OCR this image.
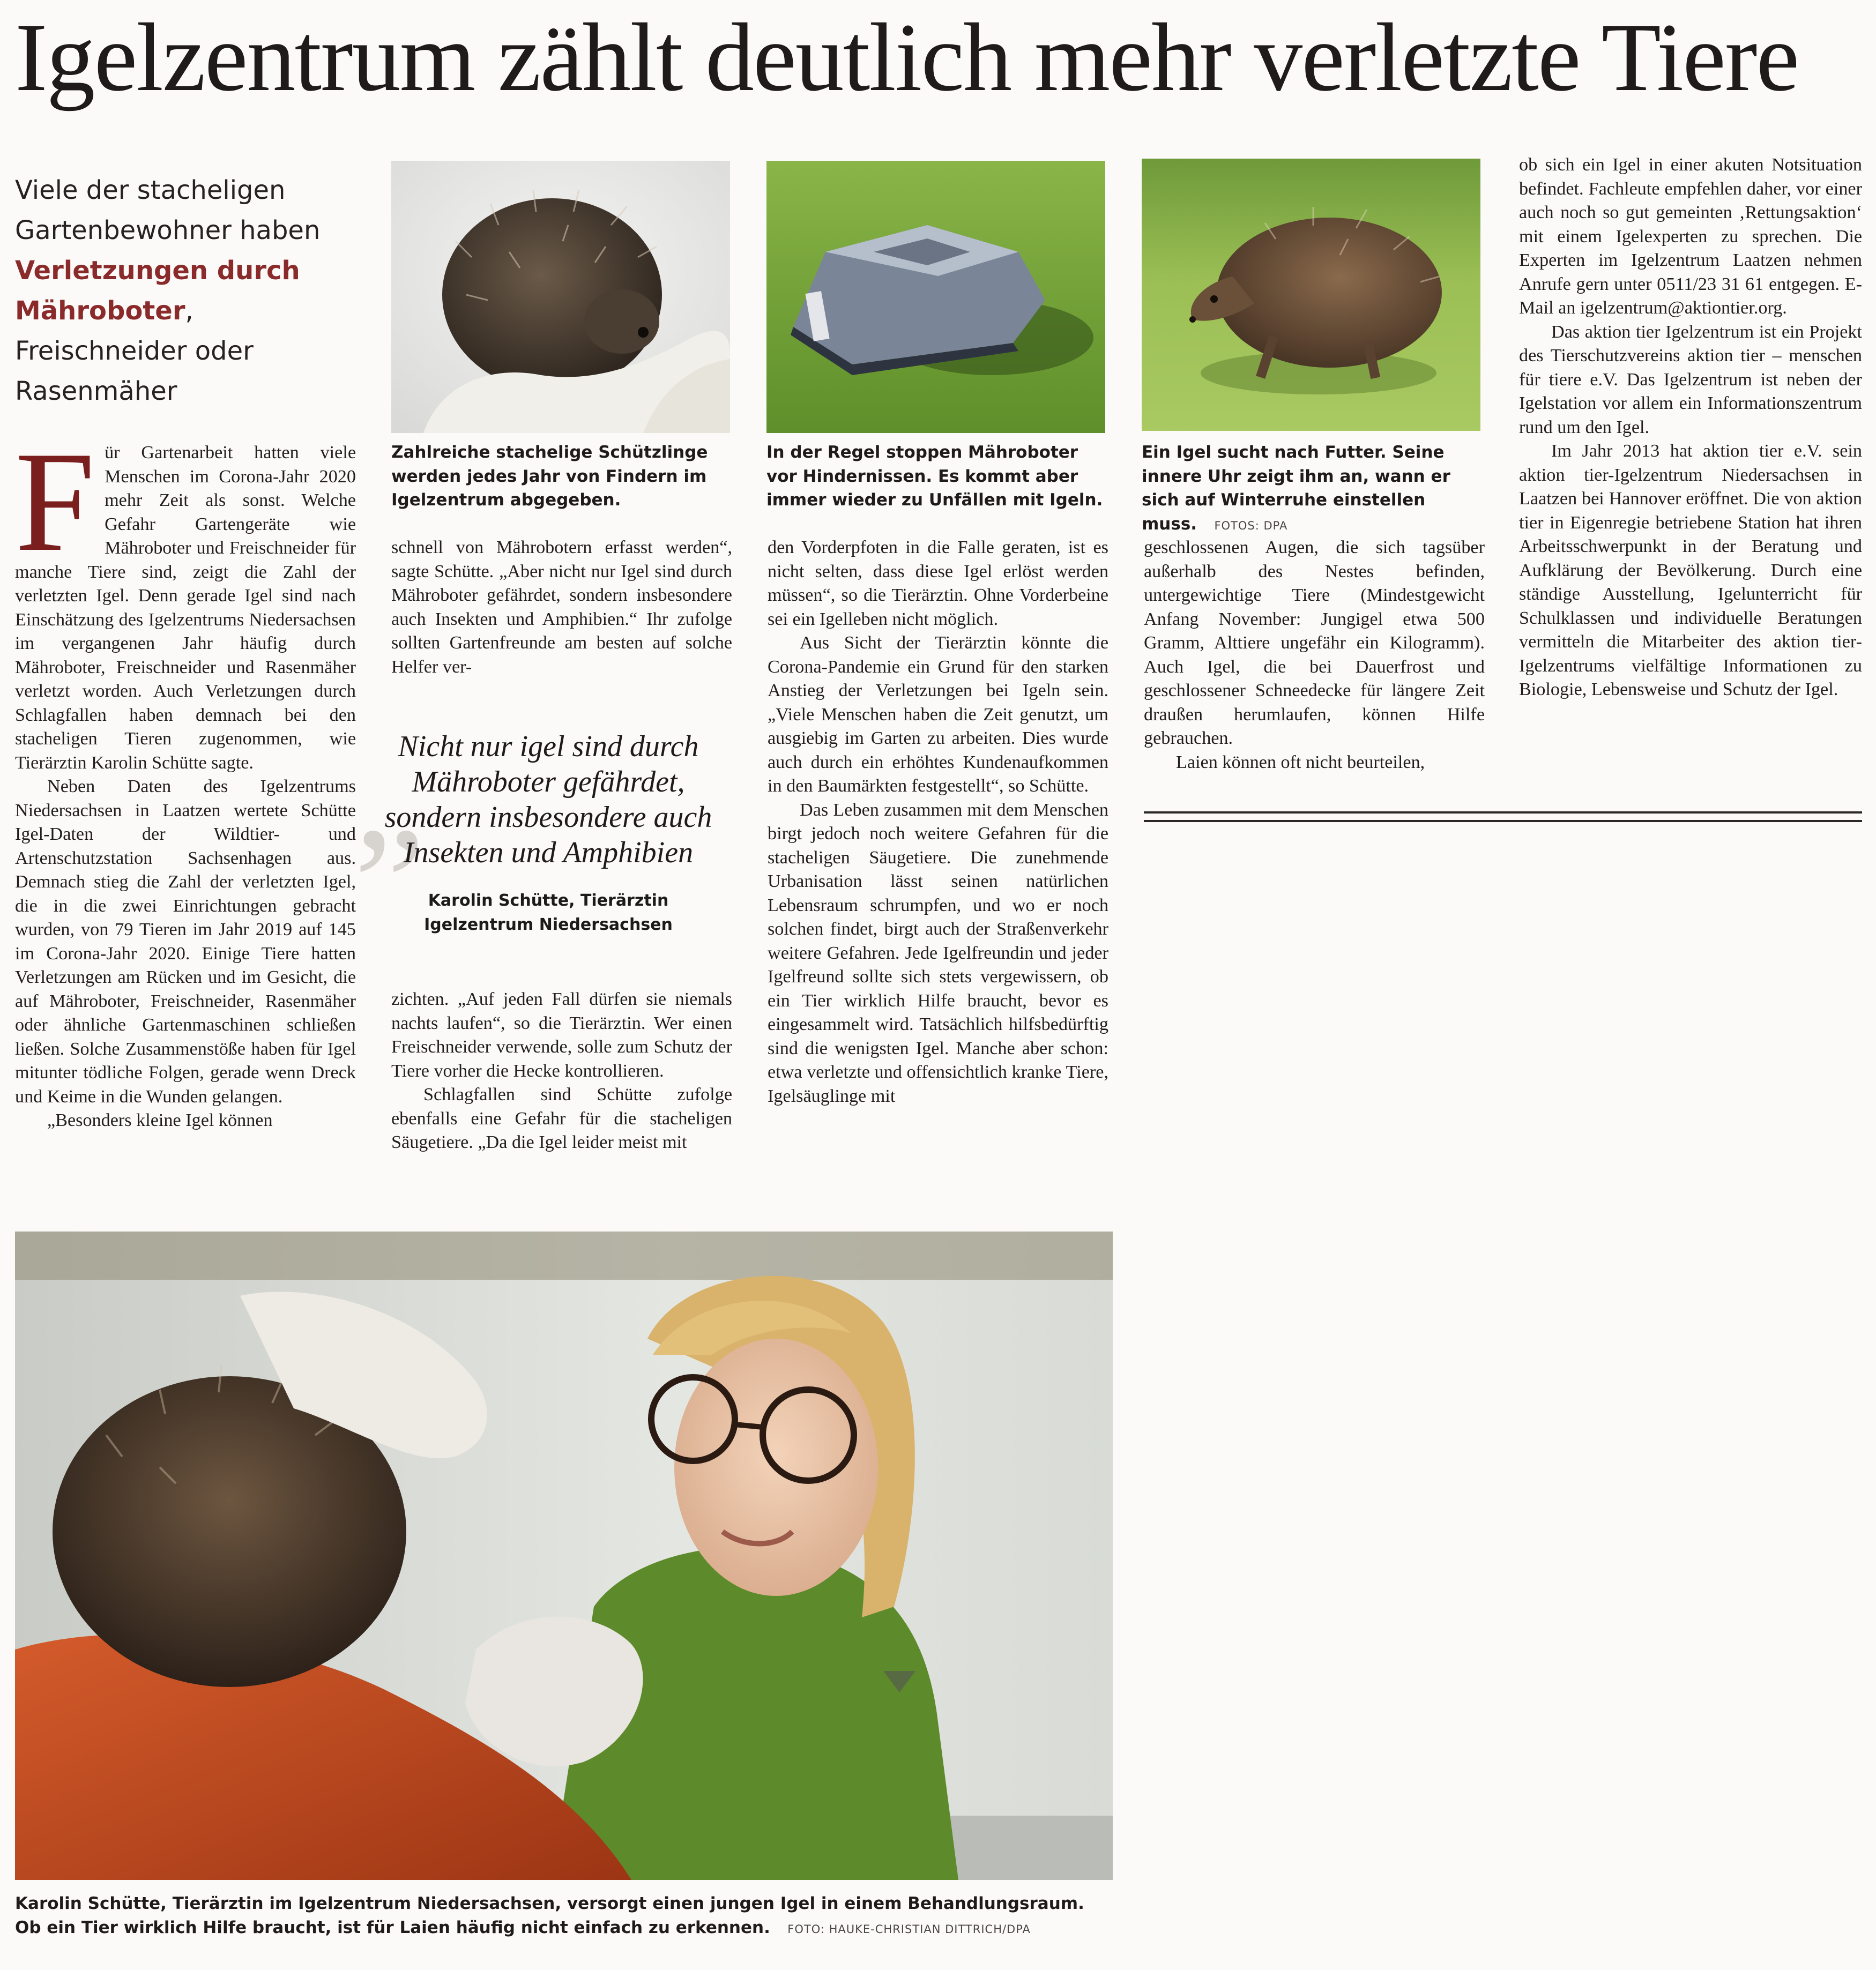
Igelzentrum zählt deutlich mehr verletzte Tiere
Viele der stacheligen Gartenbewohner haben Verletzungen durch Mähroboter, Freischneider oder Rasenmäher
Zahlreiche stachelige Schützlinge werden jedes Jahr von Findern im Igelzentrum abgegeben.
In der Regel stoppen Mähroboter vor Hindernissen. Es kommt aber immer wieder zu Unfällen mit Igeln.
Ein Igel sucht nach Futter. Seine innere Uhr zeigt ihm an, wann er sich auf Winterruhe einstellen muss. FOTOS: DPA
F ür Gartenarbeit hatten viele Menschen im Corona-Jahr 2020 mehr Zeit als sonst. Welche Gefahr Gartengeräte wie Mähroboter und Freischneider für manche Tiere sind, zeigt die Zahl der verletzten Igel. Denn gerade Igel sind nach Einschätzung des Igelzentrums Niedersachsen im vergangenen Jahr häufig durch Mähroboter, Freischneider und Rasenmäher verletzt worden. Auch Verletzungen durch Schlagfallen haben demnach bei den stacheligen Tieren zugenommen, wie Tierärztin Karolin Schütte sagte.

Neben Daten des Igelzentrums Niedersachsen in Laatzen wertete Schütte Igel-Daten der Wildtier- und Artenschutzstation Sachsenhagen aus. Demnach stieg die Zahl der verletzten Igel, die in die zwei Einrichtungen gebracht wurden, von 79 Tieren im Jahr 2019 auf 145 im Corona-Jahr 2020. Einige Tiere hatten Verletzungen am Rücken und im Gesicht, die auf Mähroboter, Freischneider, Rasenmäher oder ähnliche Gartenmaschinen schließen ließen. Solche Zusammenstöße haben für Igel mitunter tödliche Folgen, gerade wenn Dreck und Keime in die Wunden gelangen.

„Besonders kleine Igel können

schnell von Mährobotern erfasst werden“, sagte Schütte. „Aber nicht nur Igel sind durch Mähroboter gefährdet, sondern insbesondere auch Insekten und Amphibien.“ Ihr zufolge sollten Gartenfreunde am besten auf solche Helfer ver-

„
Nicht nur igel sind durch Mähroboter gefährdet, sondern insbesondere auch Insekten und Amphibien
Karolin Schütte, Tierärztin
Igelzentrum Niedersachsen

zichten. „Auf jeden Fall dürfen sie niemals nachts laufen“, so die Tierärztin. Wer einen Freischneider verwende, solle zum Schutz der Tiere vorher die Hecke kontrollieren.

Schlagfallen sind Schütte zufolge ebenfalls eine Gefahr für die stacheligen Säugetiere. „Da die Igel leider meist mit

den Vorderpfoten in die Falle geraten, ist es nicht selten, dass diese Igel erlöst werden müssen“, so die Tierärztin. Ohne Vorderbeine sei ein Igelleben nicht möglich.

Aus Sicht der Tierärztin könnte die Corona-Pandemie ein Grund für den starken Anstieg der Verletzungen bei Igeln sein. „Viele Menschen haben die Zeit genutzt, um ausgiebig im Garten zu arbeiten. Dies wurde auch durch ein erhöhtes Kundenaufkommen in den Baumärkten festgestellt“, so Schütte.

Das Leben zusammen mit dem Menschen birgt jedoch noch weitere Gefahren für die stacheligen Säugetiere. Die zunehmende Urbanisation lässt seinen natürlichen Lebensraum schrumpfen, und wo er noch solchen findet, birgt auch der Straßenverkehr weitere Gefahren. Jede Igelfreundin und jeder Igelfreund sollte sich stets vergewissern, ob ein Tier wirklich Hilfe braucht, bevor es eingesammelt wird. Tatsächlich hilfsbedürftig sind die wenigsten Igel. Manche aber schon: etwa verletzte und offensichtlich kranke Tiere, Igelsäuglinge mit

geschlossenen Augen, die sich tagsüber außerhalb des Nestes befinden, untergewichtige Tiere (Mindestgewicht Anfang November: Jungigel etwa 500 Gramm, Alttiere ungefähr ein Kilogramm). Auch Igel, die bei Dauerfrost und geschlossener Schneedecke für längere Zeit draußen herumlaufen, können Hilfe gebrauchen.

Laien können oft nicht beurteilen,

ob sich ein Igel in einer akuten Notsituation befindet. Fachleute empfehlen daher, vor einer auch noch so gut gemeinten ‚Rettungsaktion‘ mit einem Igelexperten zu sprechen. Die Experten im Igelzentrum Laatzen nehmen Anrufe gern unter 0511/23 31 61 entgegen. E-Mail an igelzentrum@aktiontier.org.

Das aktion tier Igelzentrum ist ein Projekt des Tierschutzvereins aktion tier – menschen für tiere e.V. Das Igelzentrum ist neben der Igelstation vor allem ein Informationszentrum rund um den Igel.

Im Jahr 2013 hat aktion tier e.V. sein aktion tier-Igelzentrum Niedersachsen in Laatzen bei Hannover eröffnet. Die von aktion tier in Eigenregie betriebene Station hat ihren Arbeitsschwerpunkt in der Beratung und Aufklärung der Bevölkerung. Durch eine ständige Ausstellung, Igelunterricht für Schulklassen und individuelle Beratungen vermitteln die Mitarbeiter des aktion tier-Igelzentrums vielfältige Informationen zu Biologie, Lebensweise und Schutz der Igel.

Karolin Schütte, Tierärztin im Igelzentrum Niedersachsen, versorgt einen jungen Igel in einem Behandlungsraum. Ob ein Tier wirklich Hilfe braucht, ist für Laien häufig nicht einfach zu erkennen. FOTO: HAUKE-CHRISTIAN DITTRICH/DPA
